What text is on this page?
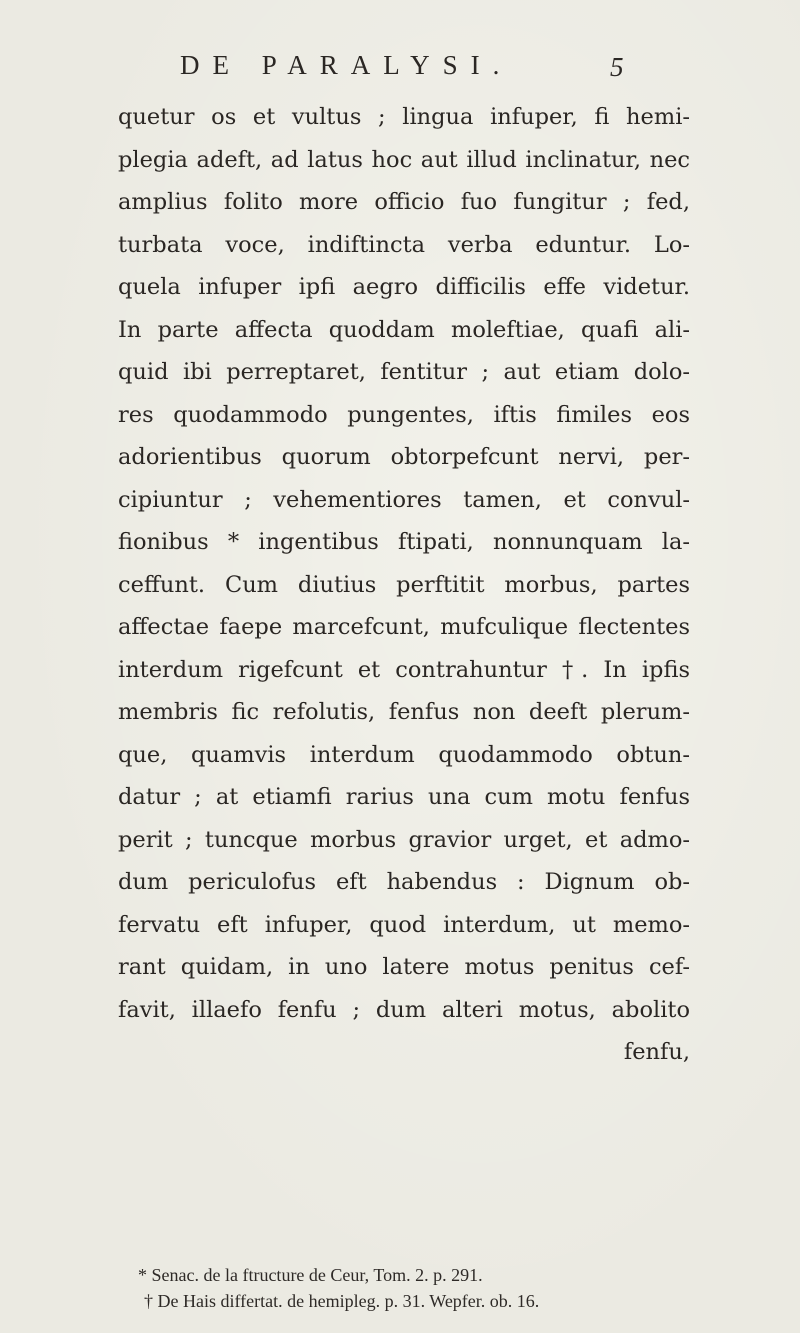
DE PARALYSI.	5
quetur os et vultus ; lingua infuper, fi hemi-
plegia adeft, ad latus hoc aut illud inclinatur, nec
amplius folito more officio fuo fungitur ; fed,
turbata voce, indiftincta verba eduntur. Lo-
quela infuper ipfi aegro difficilis effe videtur.
In parte affecta quoddam moleftiae, quafi ali-
quid ibi perreptaret, fentitur ; aut etiam dolo-
res quodammodo pungentes, iftis fimiles eos
adorientibus quorum obtorpefcunt nervi, per-
cipiuntur ; vehementiores tamen, et convul-
fionibus * ingentibus ftipati, nonnunquam la-
ceffunt. Cum diutius perftitit morbus, partes
affectae faepe marcefcunt, mufculique flectentes
interdum rigefcunt et contrahuntur †. In ipfis
membris fic refolutis, fenfus non deeft plerum-
que, quamvis interdum quodammodo obtun-
datur ; at etiamfi rarius una cum motu fenfus
perit ; tuncque morbus gravior urget, et admo-
dum periculofus eft habendus : Dignum ob-
fervatu eft infuper, quod interdum, ut memo-
rant quidam, in uno latere motus penitus cef-
favit, illaefo fenfu ; dum alteri motus, abolito
fenfu,
* Senac. de la ftructure de Ceur, Tom. 2. p. 291.
† De Hais differtat. de hemipleg. p. 31. Wepfer. ob. 16.
